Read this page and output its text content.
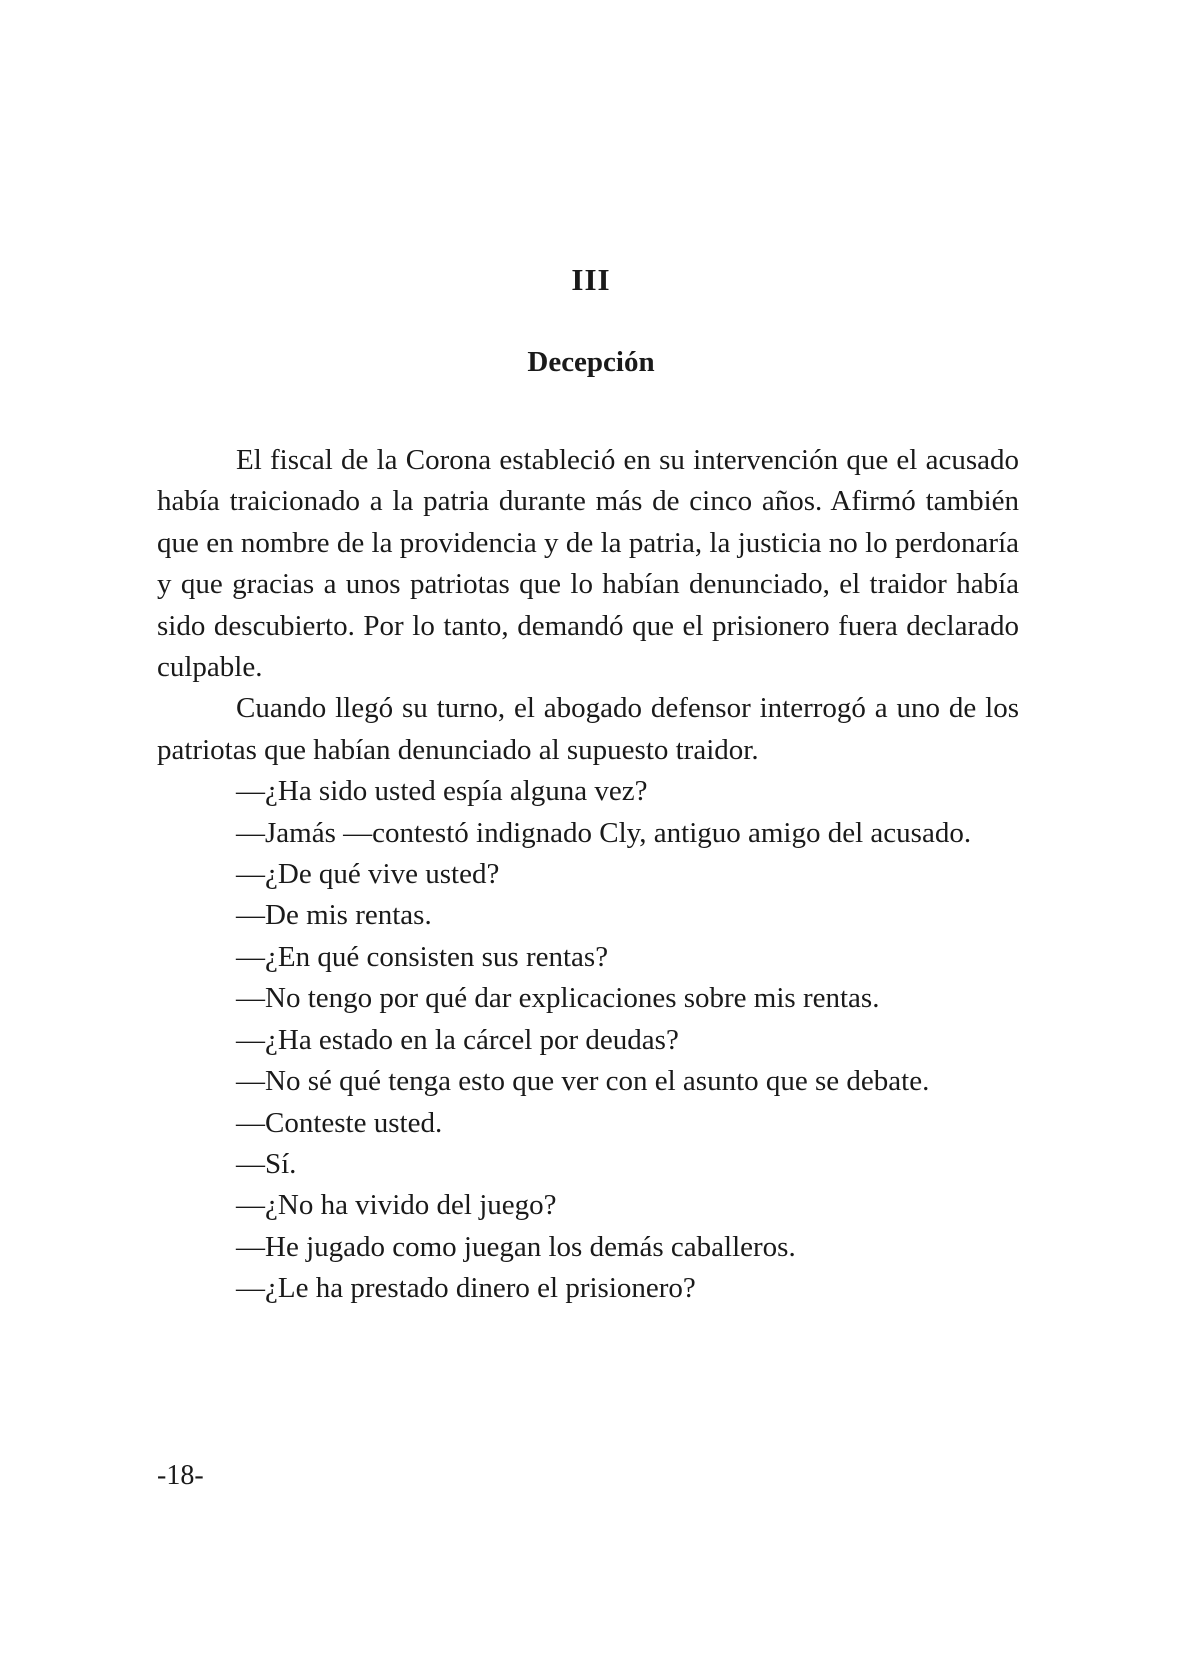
III
Decepción

El fiscal de la Corona estableció en su intervención que el acusado había traicionado a la patria durante más de cinco años. Afirmó también que en nombre de la providencia y de la patria, la justicia no lo perdonaría y que gracias a unos patriotas que lo habían denunciado, el traidor había sido descubierto. Por lo tanto, demandó que el prisionero fuera declarado culpable.

Cuando llegó su turno, el abogado defensor interrogó a uno de los patriotas que habían denunciado al supuesto traidor.

—¿Ha sido usted espía alguna vez?

—Jamás —contestó indignado Cly, antiguo amigo del acusado.

—¿De qué vive usted?

—De mis rentas.

—¿En qué consisten sus rentas?

—No tengo por qué dar explicaciones sobre mis rentas.

—¿Ha estado en la cárcel por deudas?

—No sé qué tenga esto que ver con el asunto que se debate.

—Conteste usted.

—Sí.

—¿No ha vivido del juego?

—He jugado como juegan los demás caballeros.

—¿Le ha prestado dinero el prisionero?

-18-
